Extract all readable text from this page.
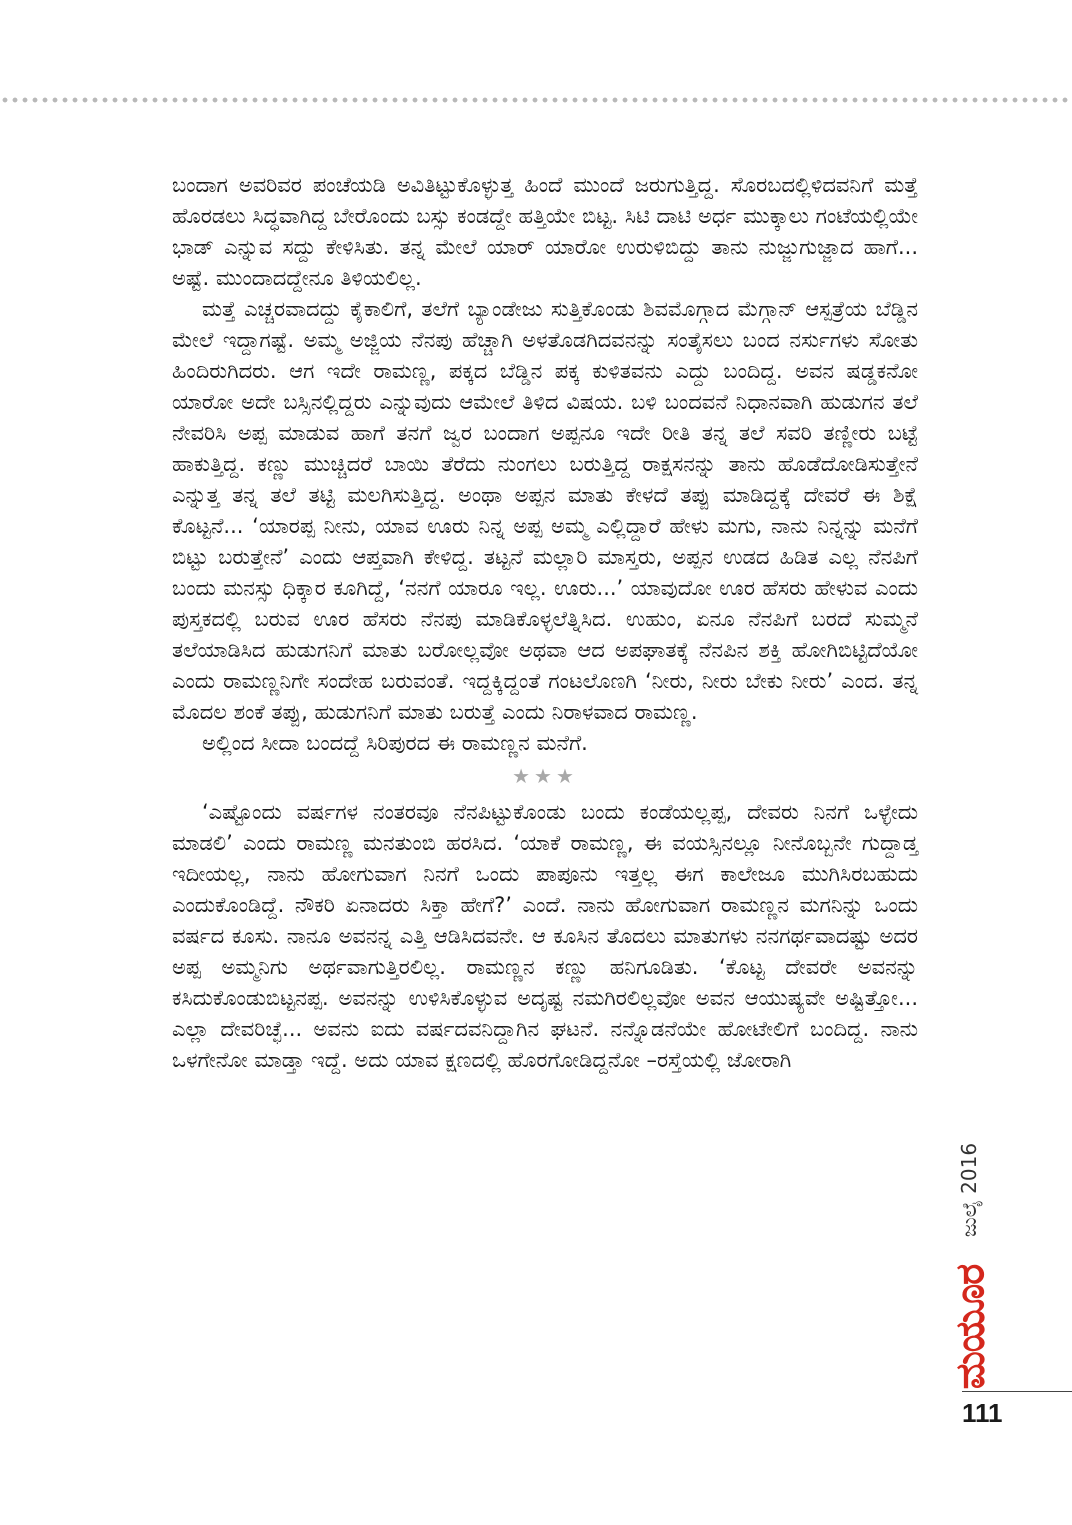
ಬಂದಾಗ ಅವರಿವರ ಪಂಚೆಯಡಿ ಅವಿತಿಟ್ಟುಕೊಳ್ಳುತ್ತ ಹಿಂದೆ ಮುಂದೆ ಜರುಗುತ್ತಿದ್ದ. ಸೊರಬದಲ್ಲಿಳಿದವನಿಗೆ ಮತ್ತೆ ಹೊರಡಲು ಸಿದ್ಧವಾಗಿದ್ದ ಬೇರೊಂದು ಬಸ್ಸು ಕಂಡದ್ದೇ ಹತ್ತಿಯೇ ಬಿಟ್ಟ. ಸಿಟಿ ದಾಟಿ ಅರ್ಧ ಮುಕ್ಕಾಲು ಗಂಟೆಯಲ್ಲಿಯೇ ಭಾಡ್ ಎನ್ನುವ ಸದ್ದು ಕೇಳಿಸಿತು. ತನ್ನ ಮೇಲೆ ಯಾರ್ ಯಾರೋ ಉರುಳಿಬಿದ್ದು ತಾನು ನುಜ್ಜುಗುಜ್ಜಾದ ಹಾಗೆ... ಅಷ್ಟೆ. ಮುಂದಾದದ್ದೇನೂ ತಿಳಿಯಲಿಲ್ಲ.

ಮತ್ತೆ ಎಚ್ಚರವಾದದ್ದು ಕೈಕಾಲಿಗೆ, ತಲೆಗೆ ಬ್ಯಾಂಡೇಜು ಸುತ್ತಿಕೊಂಡು ಶಿವಮೊಗ್ಗಾದ ಮೆಗ್ಗಾನ್ ಆಸ್ಪತ್ರೆಯ ಬೆಡ್ಡಿನ ಮೇಲೆ ಇದ್ದಾಗಷ್ಟೆ. ಅಮ್ಮ ಅಜ್ಜಿಯ ನೆನಪು ಹೆಚ್ಚಾಗಿ ಅಳತೊಡಗಿದವನನ್ನು ಸಂತೈಸಲು ಬಂದ ನರ್ಸುಗಳು ಸೋತು ಹಿಂದಿರುಗಿದರು. ಆಗ ಇದೇ ರಾಮಣ್ಣ, ಪಕ್ಕದ ಬೆಡ್ಡಿನ ಪಕ್ಕ ಕುಳಿತವನು ಎದ್ದು ಬಂದಿದ್ದ. ಅವನ ಷಡ್ಡಕನೋ ಯಾರೋ ಅದೇ ಬಸ್ಸಿನಲ್ಲಿದ್ದರು ಎನ್ನುವುದು ಆಮೇಲೆ ತಿಳಿದ ವಿಷಯ. ಬಳಿ ಬಂದವನೆ ನಿಧಾನವಾಗಿ ಹುಡುಗನ ತಲೆ ನೇವರಿಸಿ ಅಪ್ಪ ಮಾಡುವ ಹಾಗೆ ತನಗೆ ಜ್ವರ ಬಂದಾಗ ಅಪ್ಪನೂ ಇದೇ ರೀತಿ ತನ್ನ ತಲೆ ಸವರಿ ತಣ್ಣೀರು ಬಟ್ಟೆ ಹಾಕುತ್ತಿದ್ದ. ಕಣ್ಣು ಮುಚ್ಚಿದರೆ ಬಾಯಿ ತೆರೆದು ನುಂಗಲು ಬರುತ್ತಿದ್ದ ರಾಕ್ಷಸನನ್ನು ತಾನು ಹೊಡೆದೋಡಿಸುತ್ತೇನೆ ಎನ್ನುತ್ತ ತನ್ನ ತಲೆ ತಟ್ಟಿ ಮಲಗಿಸುತ್ತಿದ್ದ. ಅಂಥಾ ಅಪ್ಪನ ಮಾತು ಕೇಳದೆ ತಪ್ಪು ಮಾಡಿದ್ದಕ್ಕೆ ದೇವರೆ ಈ ಶಿಕ್ಷೆ ಕೊಟ್ಟನೆ... ‘ಯಾರಪ್ಪ ನೀನು, ಯಾವ ಊರು ನಿನ್ನ ಅಪ್ಪ ಅಮ್ಮ ಎಲ್ಲಿದ್ದಾರೆ ಹೇಳು ಮಗು, ನಾನು ನಿನ್ನನ್ನು ಮನೆಗೆ ಬಿಟ್ಟು ಬರುತ್ತೇನೆ’ ಎಂದು ಆಪ್ತವಾಗಿ ಕೇಳಿದ್ದ. ತಟ್ಟನೆ ಮಲ್ಲಾರಿ ಮಾಸ್ತರು, ಅಪ್ಪನ ಉಡದ ಹಿಡಿತ ಎಲ್ಲ ನೆನಪಿಗೆ ಬಂದು ಮನಸ್ಸು ಧಿಕ್ಕಾರ ಕೂಗಿದ್ದೆ, ‘ನನಗೆ ಯಾರೂ ಇಲ್ಲ. ಊರು...’ ಯಾವುದೋ ಊರ ಹೆಸರು ಹೇಳುವ ಎಂದು ಪುಸ್ತಕದಲ್ಲಿ ಬರುವ ಊರ ಹೆಸರು ನೆನಪು ಮಾಡಿಕೊಳ್ಳಲೆತ್ನಿಸಿದ. ಉಹುಂ, ಏನೂ ನೆನಪಿಗೆ ಬರದೆ ಸುಮ್ಮನೆ ತಲೆಯಾಡಿಸಿದ ಹುಡುಗನಿಗೆ ಮಾತು ಬರೋಲ್ಲವೋ ಅಥವಾ ಆದ ಅಪಘಾತಕ್ಕೆ ನೆನಪಿನ ಶಕ್ತಿ ಹೋಗಿಬಿಟ್ಟಿದೆಯೋ ಎಂದು ರಾಮಣ್ಣನಿಗೇ ಸಂದೇಹ ಬರುವಂತೆ. ಇದ್ದಕ್ಕಿದ್ದಂತೆ ಗಂಟಲೊಣಗಿ ‘ನೀರು, ನೀರು ಬೇಕು ನೀರು’ ಎಂದ. ತನ್ನ ಮೊದಲ ಶಂಕೆ ತಪ್ಪು, ಹುಡುಗನಿಗೆ ಮಾತು ಬರುತ್ತೆ ಎಂದು ನಿರಾಳವಾದ ರಾಮಣ್ಣ.

ಅಲ್ಲಿಂದ ಸೀದಾ ಬಂದದ್ದೆ ಸಿರಿಪುರದ ಈ ರಾಮಣ್ಣನ ಮನೆಗೆ.

★★★

‘ಎಷ್ಟೊಂದು ವರ್ಷಗಳ ನಂತರವೂ ನೆನಪಿಟ್ಟುಕೊಂಡು ಬಂದು ಕಂಡೆಯಲ್ಲಪ್ಪ, ದೇವರು ನಿನಗೆ ಒಳ್ಳೇದು ಮಾಡಲಿ’ ಎಂದು ರಾಮಣ್ಣ ಮನತುಂಬಿ ಹರಸಿದ. ‘ಯಾಕೆ ರಾಮಣ್ಣ, ಈ ವಯಸ್ಸಿನಲ್ಲೂ ನೀನೊಬ್ಬನೇ ಗುದ್ದಾಡ್ತ ಇದೀಯಲ್ಲ, ನಾನು ಹೋಗುವಾಗ ನಿನಗೆ ಒಂದು ಪಾಪೂನು ಇತ್ತಲ್ಲ ಈಗ ಕಾಲೇಜೂ ಮುಗಿಸಿರಬಹುದು ಎಂದುಕೊಂಡಿದ್ದೆ. ನೌಕರಿ ಏನಾದರು ಸಿಕ್ತಾ ಹೇಗೆ?’ ಎಂದೆ. ನಾನು ಹೋಗುವಾಗ ರಾಮಣ್ಣನ ಮಗನಿನ್ನು ಒಂದು ವರ್ಷದ ಕೂಸು. ನಾನೂ ಅವನನ್ನ ಎತ್ತಿ ಆಡಿಸಿದವನೇ. ಆ ಕೂಸಿನ ತೊದಲು ಮಾತುಗಳು ನನಗರ್ಥವಾದಷ್ಟು ಅದರ ಅಪ್ಪ ಅಮ್ಮನಿಗು ಅರ್ಥವಾಗುತ್ತಿರಲಿಲ್ಲ. ರಾಮಣ್ಣನ ಕಣ್ಣು ಹನಿಗೂಡಿತು. ‘ಕೊಟ್ಟ ದೇವರೇ ಅವನನ್ನು ಕಸಿದುಕೊಂಡುಬಿಟ್ಟನಪ್ಪ. ಅವನನ್ನು ಉಳಿಸಿಕೊಳ್ಳುವ ಅದೃಷ್ಟ ನಮಗಿರಲಿಲ್ಲವೋ ಅವನ ಆಯುಷ್ಯವೇ ಅಷ್ಟಿತ್ತೋ... ಎಲ್ಲಾ ದೇವರಿಚ್ಛೆ... ಅವನು ಐದು ವರ್ಷದವನಿದ್ದಾಗಿನ ಘಟನೆ. ನನ್ನೊಡನೆಯೇ ಹೋಟೇಲಿಗೆ ಬಂದಿದ್ದ. ನಾನು ಒಳಗೇನೋ ಮಾಡ್ತಾ ಇದ್ದೆ. ಅದು ಯಾವ ಕ್ಷಣದಲ್ಲಿ ಹೊರಗೋಡಿದ್ದನೋ –ರಸ್ತೆಯಲ್ಲಿ ಜೋರಾಗಿ

ಜುಲೈ 2016
ಮಯೂರ
111
